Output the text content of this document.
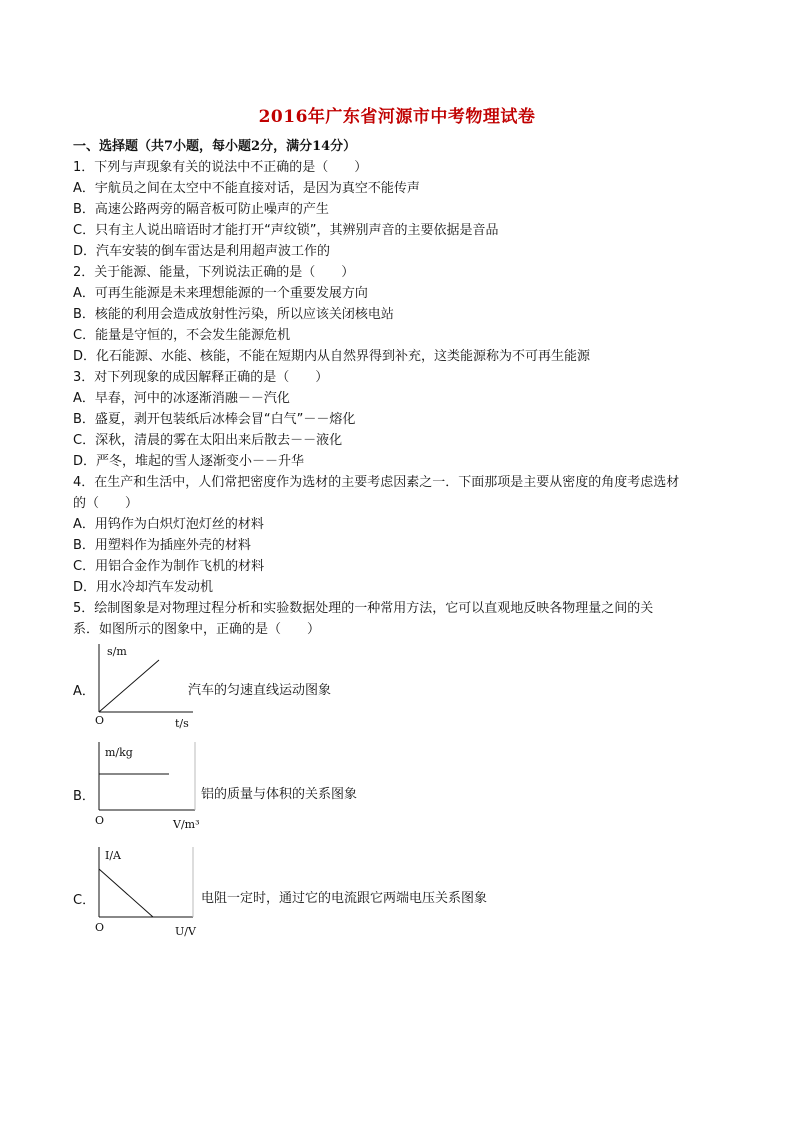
2016年广东省河源市中考物理试卷
一、选择题（共7小题，每小题2分，满分14分）
1．下列与声现象有关的说法中不正确的是（　　）
A．宇航员之间在太空中不能直接对话，是因为真空不能传声
B．高速公路两旁的隔音板可防止噪声的产生
C．只有主人说出暗语时才能打开“声纹锁”，其辨别声音的主要依据是音品
D．汽车安装的倒车雷达是利用超声波工作的
2．关于能源、能量，下列说法正确的是（　　）
A．可再生能源是未来理想能源的一个重要发展方向
B．核能的利用会造成放射性污染，所以应该关闭核电站
C．能量是守恒的，不会发生能源危机
D．化石能源、水能、核能，不能在短期内从自然界得到补充，这类能源称为不可再生能源
3．对下列现象的成因解释正确的是（　　）
A．早春，河中的冰逐渐消融－－汽化
B．盛夏，剥开包装纸后冰棒会冒“白气”－－熔化
C．深秋，清晨的雾在太阳出来后散去－－液化
D．严冬，堆起的雪人逐渐变小－－升华
4．在生产和生活中，人们常把密度作为选材的主要考虑因素之一．下面那项是主要从密度的角度考虑选材
的（　　）
A．用钨作为白炽灯泡灯丝的材料
B．用塑料作为插座外壳的材料
C．用铝合金作为制作飞机的材料
D．用水冷却汽车发动机
5．绘制图象是对物理过程分析和实验数据处理的一种常用方法，它可以直观地反映各物理量之间的关
系．如图所示的图象中，正确的是（　　）
A．
s/m
O	t/s
汽车的匀速直线运动图象
B．
m/kg
O	V/m³
铝的质量与体积的关系图象
C．
I/A
O	U/V
电阻一定时，通过它的电流跟它两端电压关系图象
